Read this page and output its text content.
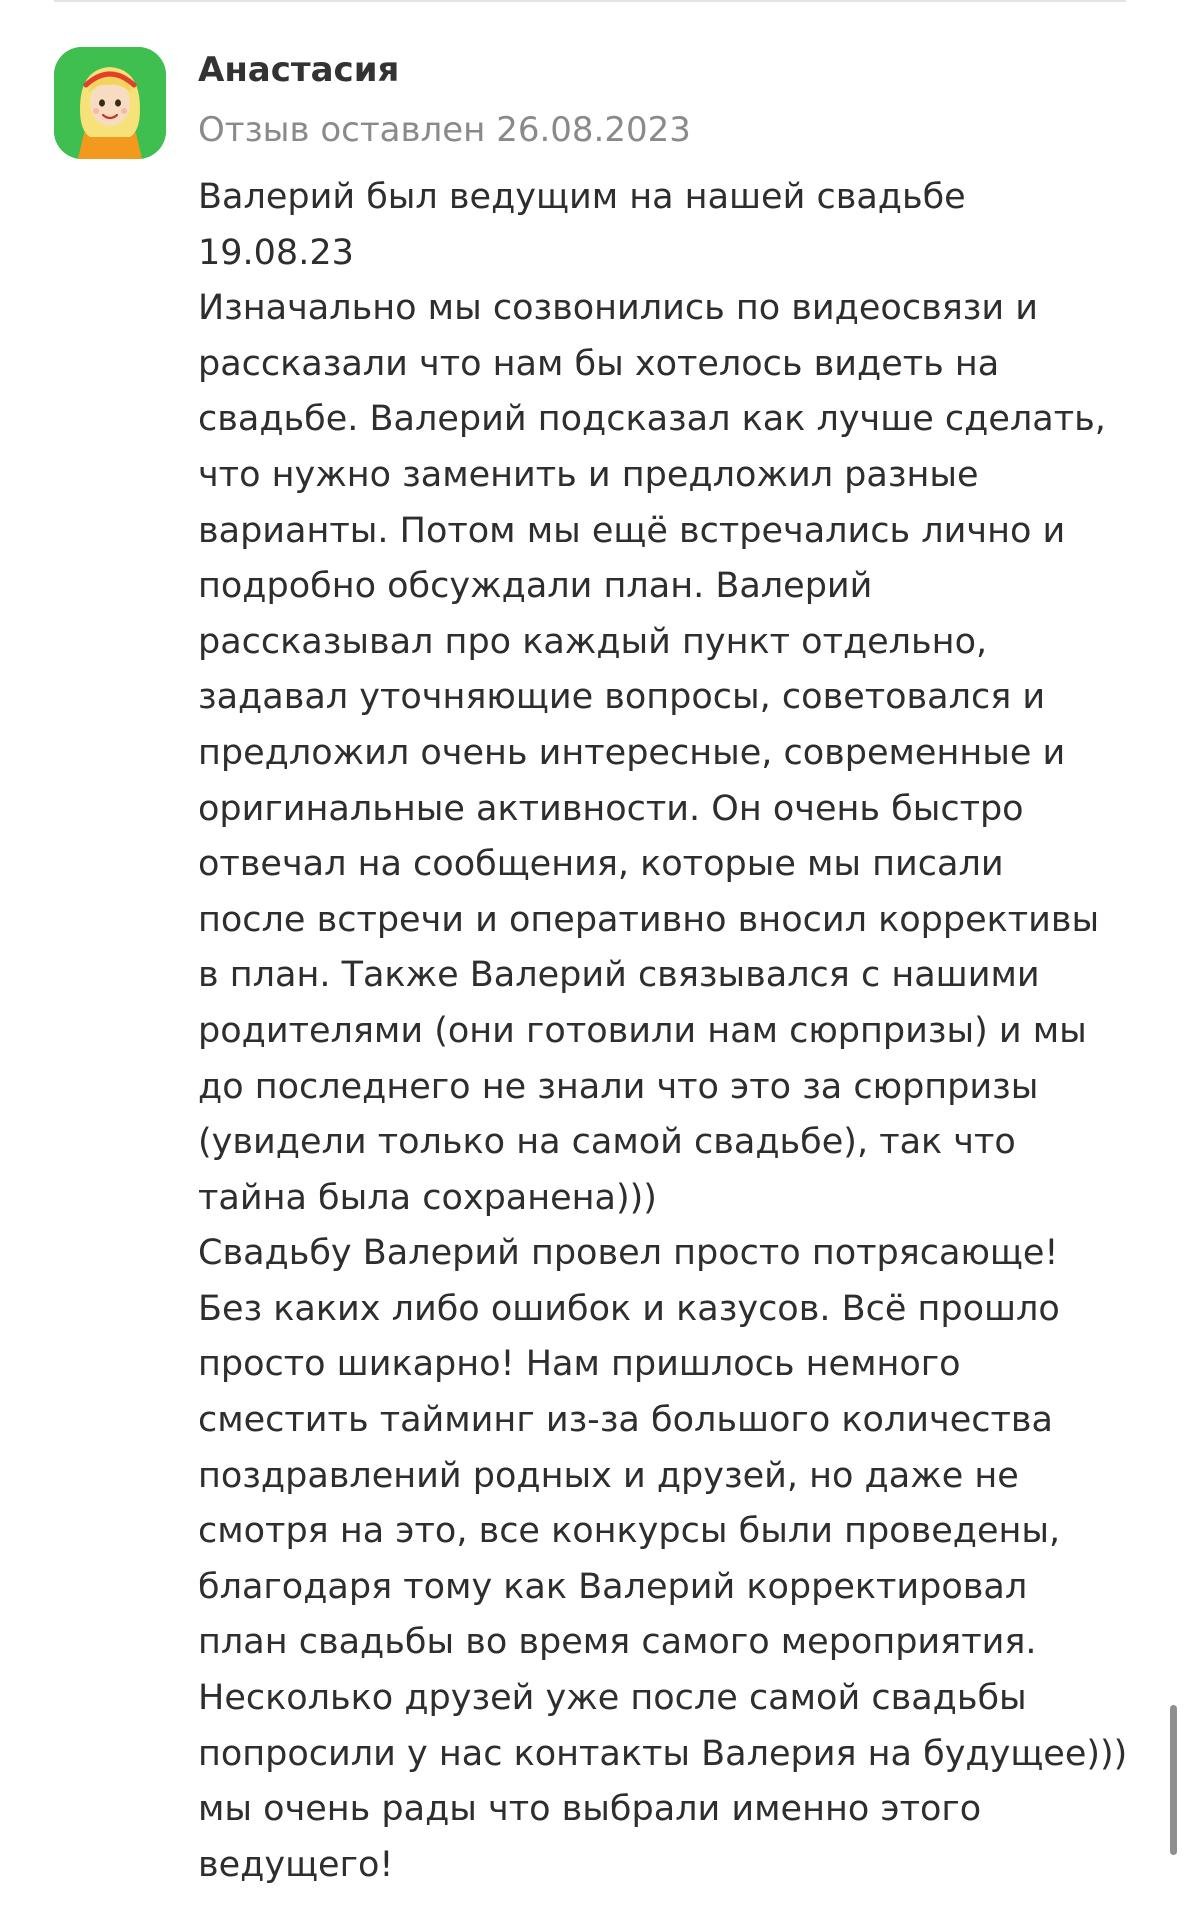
Анастасия
Отзыв оставлен 26.08.2023
Валерий был ведущим на нашей свадьбе
19.08.23
Изначально мы созвонились по видеосвязи и
рассказали что нам бы хотелось видеть на
свадьбе. Валерий подсказал как лучше сделать,
что нужно заменить и предложил разные
варианты. Потом мы ещё встречались лично и
подробно обсуждали план. Валерий
рассказывал про каждый пункт отдельно,
задавал уточняющие вопросы, советовался и
предложил очень интересные, современные и
оригинальные активности. Он очень быстро
отвечал на сообщения, которые мы писали
после встречи и оперативно вносил коррективы
в план. Также Валерий связывался с нашими
родителями (они готовили нам сюрпризы) и мы
до последнего не знали что это за сюрпризы
(увидели только на самой свадьбе), так что
тайна была сохранена)))
Свадьбу Валерий провел просто потрясающе!
Без каких либо ошибок и казусов. Всё прошло
просто шикарно! Нам пришлось немного
сместить тайминг из-за большого количества
поздравлений родных и друзей, но даже не
смотря на это, все конкурсы были проведены,
благодаря тому как Валерий корректировал
план свадьбы во время самого мероприятия.
Несколько друзей уже после самой свадьбы
попросили у нас контакты Валерия на будущее)))
мы очень рады что выбрали именно этого
ведущего!
